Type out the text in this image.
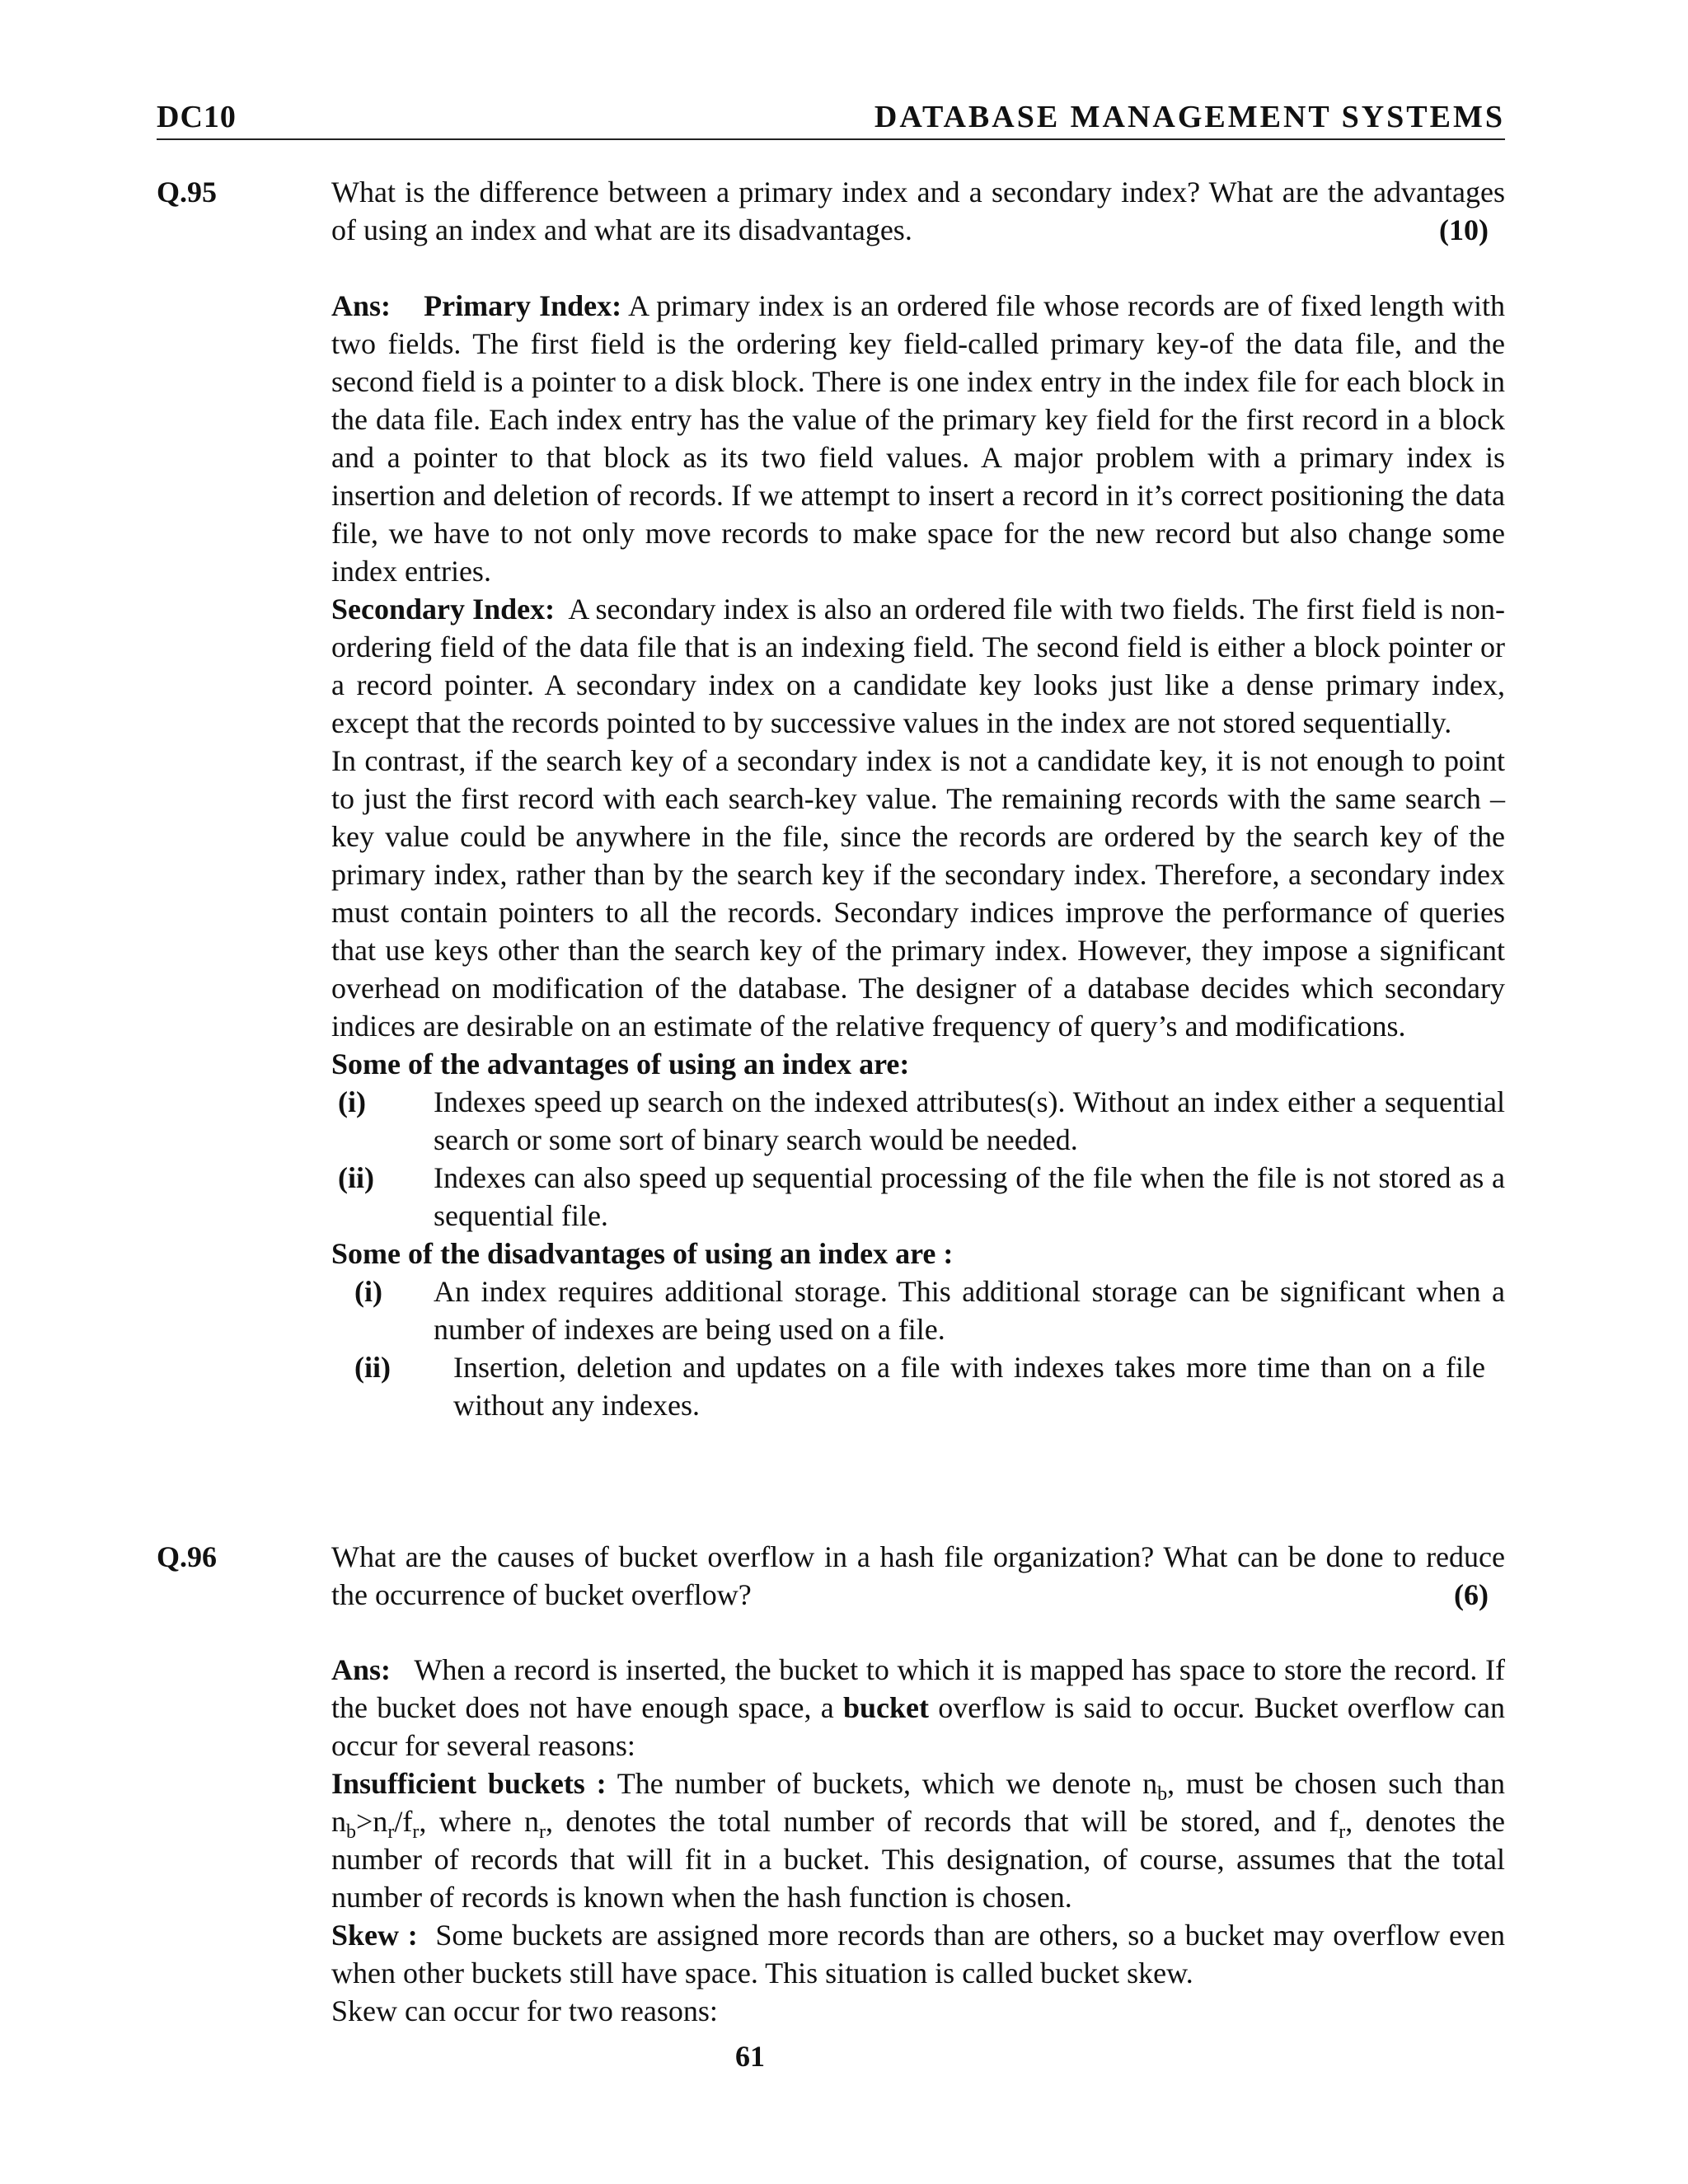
DC10	DATABASE MANAGEMENT SYSTEMS
Q.95	What is the difference between a primary index and a secondary index? What are the advantages of using an index and what are its disadvantages.	(10)

Ans: Primary Index: A primary index is an ordered file whose records are of fixed length with two fields. The first field is the ordering key field-called primary key-of the data file, and the second field is a pointer to a disk block. There is one index entry in the index file for each block in the data file. Each index entry has the value of the primary key field for the first record in a block and a pointer to that block as its two field values. A major problem with a primary index is insertion and deletion of records. If we attempt to insert a record in it’s correct positioning the data file, we have to not only move records to make space for the new record but also change some index entries.

Secondary Index: A secondary index is also an ordered file with two fields. The first field is non-ordering field of the data file that is an indexing field. The second field is either a block pointer or a record pointer. A secondary index on a candidate key looks just like a dense primary index, except that the records pointed to by successive values in the index are not stored sequentially.

In contrast, if the search key of a secondary index is not a candidate key, it is not enough to point to just the first record with each search-key value. The remaining records with the same search – key value could be anywhere in the file, since the records are ordered by the search key of the primary index, rather than by the search key if the secondary index. Therefore, a secondary index must contain pointers to all the records. Secondary indices improve the performance of queries that use keys other than the search key of the primary index. However, they impose a significant overhead on modification of the database. The designer of a database decides which secondary indices are desirable on an estimate of the relative frequency of query’s and modifications.

Some of the advantages of using an index are:

(i) Indexes speed up search on the indexed attributes(s). Without an index either a sequential search or some sort of binary search would be needed.
(ii) Indexes can also speed up sequential processing of the file when the file is not stored as a sequential file.

Some of the disadvantages of using an index are :

(i) An index requires additional storage. This additional storage can be significant when a number of indexes are being used on a file.
(ii) Insertion, deletion and updates on a file with indexes takes more time than on a file without any indexes.
Q.96	What are the causes of bucket overflow in a hash file organization? What can be done to reduce the occurrence of bucket overflow?	(6)

Ans: When a record is inserted, the bucket to which it is mapped has space to store the record. If the bucket does not have enough space, a bucket overflow is said to occur. Bucket overflow can occur for several reasons:

Insufficient buckets : The number of buckets, which we denote $n_b$, must be chosen such than $n_b>n_r/f_r$, where $n_r$, denotes the total number of records that will be stored, and $f_r$, denotes the number of records that will fit in a bucket. This designation, of course, assumes that the total number of records is known when the hash function is chosen.

Skew : Some buckets are assigned more records than are others, so a bucket may overflow even when other buckets still have space. This situation is called bucket skew.

Skew can occur for two reasons:

61
